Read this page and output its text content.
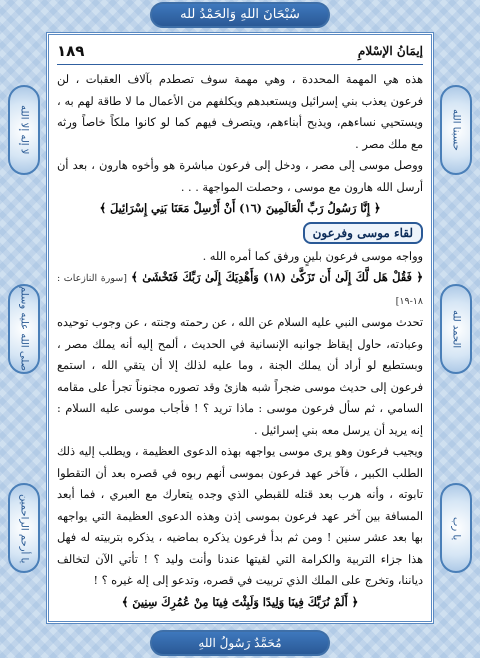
سُبْحَانَ اللهِ وَالحَمْدُ لله
لا إله إلا الله
صلى الله عليه وسلم
يا أرحم الراحمين
حسبنا الله
الحمد لله
يا رب
إيمَانُ الإسْلامِ
١٨٩

هذه هي المهمة المحددة ، وهي مهمة سوف تصطدم بآلاف العقبات ، لن فرعون يعذب بني إسرائيل ويستعبدهم ويكلفهم من الأعمال ما لا طاقة لهم به ، ويستحيي نساءهم، ويذبح أبناءهم، ويتصرف فيهم كما لو كانوا ملكاً خاصاً ورثه مع ملك مصر .

ووصل موسى إلى مصر ، ودخل إلى فرعون مباشرة هو وأخوه هارون ، بعد أن أرسل الله هارون مع موسى ، وحصلت المواجهة . . .

﴿ إِنَّا رَسُولُ رَبِّ الْعَالَمِينَ (١٦) أَنْ أَرْسِلْ مَعَنَا بَنِي إِسْرَائِيلَ ﴾

لقاء موسى وفرعون

وواجه موسى فرعون بلينٍ ورفق كما أمره الله .

﴿ فَقُلْ هَل لَّكَ إِلَىٰ أَن تَزَكَّىٰ (١٨) وَأَهْدِيَكَ إِلَىٰ رَبِّكَ فَتَخْشَىٰ ﴾ [سورة النازعات : ١٨-١٩]

تحدث موسى النبي عليه السلام عن الله ، عن رحمته وجنته ، عن وجوب توحيده وعبادته، حاول إيقاظ جوانبه الإنسانية في الحديث ، ألمح إليه أنه يملك مصر ، وبستطيع لو أراد أن يملك الجنة ، وما عليه لذلك إلا أن يتقي الله ، استمع فرعون إلى حديث موسى ضجراً شبه هازئ وقد تصوره مجنوناً تجرأ على مقامه السامي ، ثم سأل فرعون موسى : ماذا تريد ؟ ! فأجاب موسى عليه السلام : إنه يريد أن يرسل معه بني إسرائيل .

ويجيب فرعون وهو يرى موسى يواجهه بهذه الدعوى العظيمة ، ويطلب إليه ذلك الطلب الكبير ، فآخر عهد فرعون بموسى أنهم ربوه في قصره بعد أن التقطوا تابوته ، وأنه هرب بعد قتله للقبطي الذي وجده يتعارك مع العبري ، فما أبعد المسافة بين آخر عهد فرعون بموسى إذن وهذه الدعوى العظيمة التي يواجهه بها بعد عشر سنين ! ومن ثم بدأ فرعون يذكره بماضيه ، يذكره بتربيته له فهل هذا جزاء التربية والكرامة التي لقيتها عندنا وأنت وليد ؟ ! تأتي الآن لتخالف دياننا، وتخرج على الملك الذي تربيت في قصره، وتدعو إلى إله غيره ؟ !

﴿ أَلَمْ نُرَبِّكَ فِينَا وَلِيدًا وَلَبِثْتَ فِينَا مِنْ عُمُرِكَ سِنِينَ ﴾

مُحَمَّدٌ رَسُولُ اللهِ
